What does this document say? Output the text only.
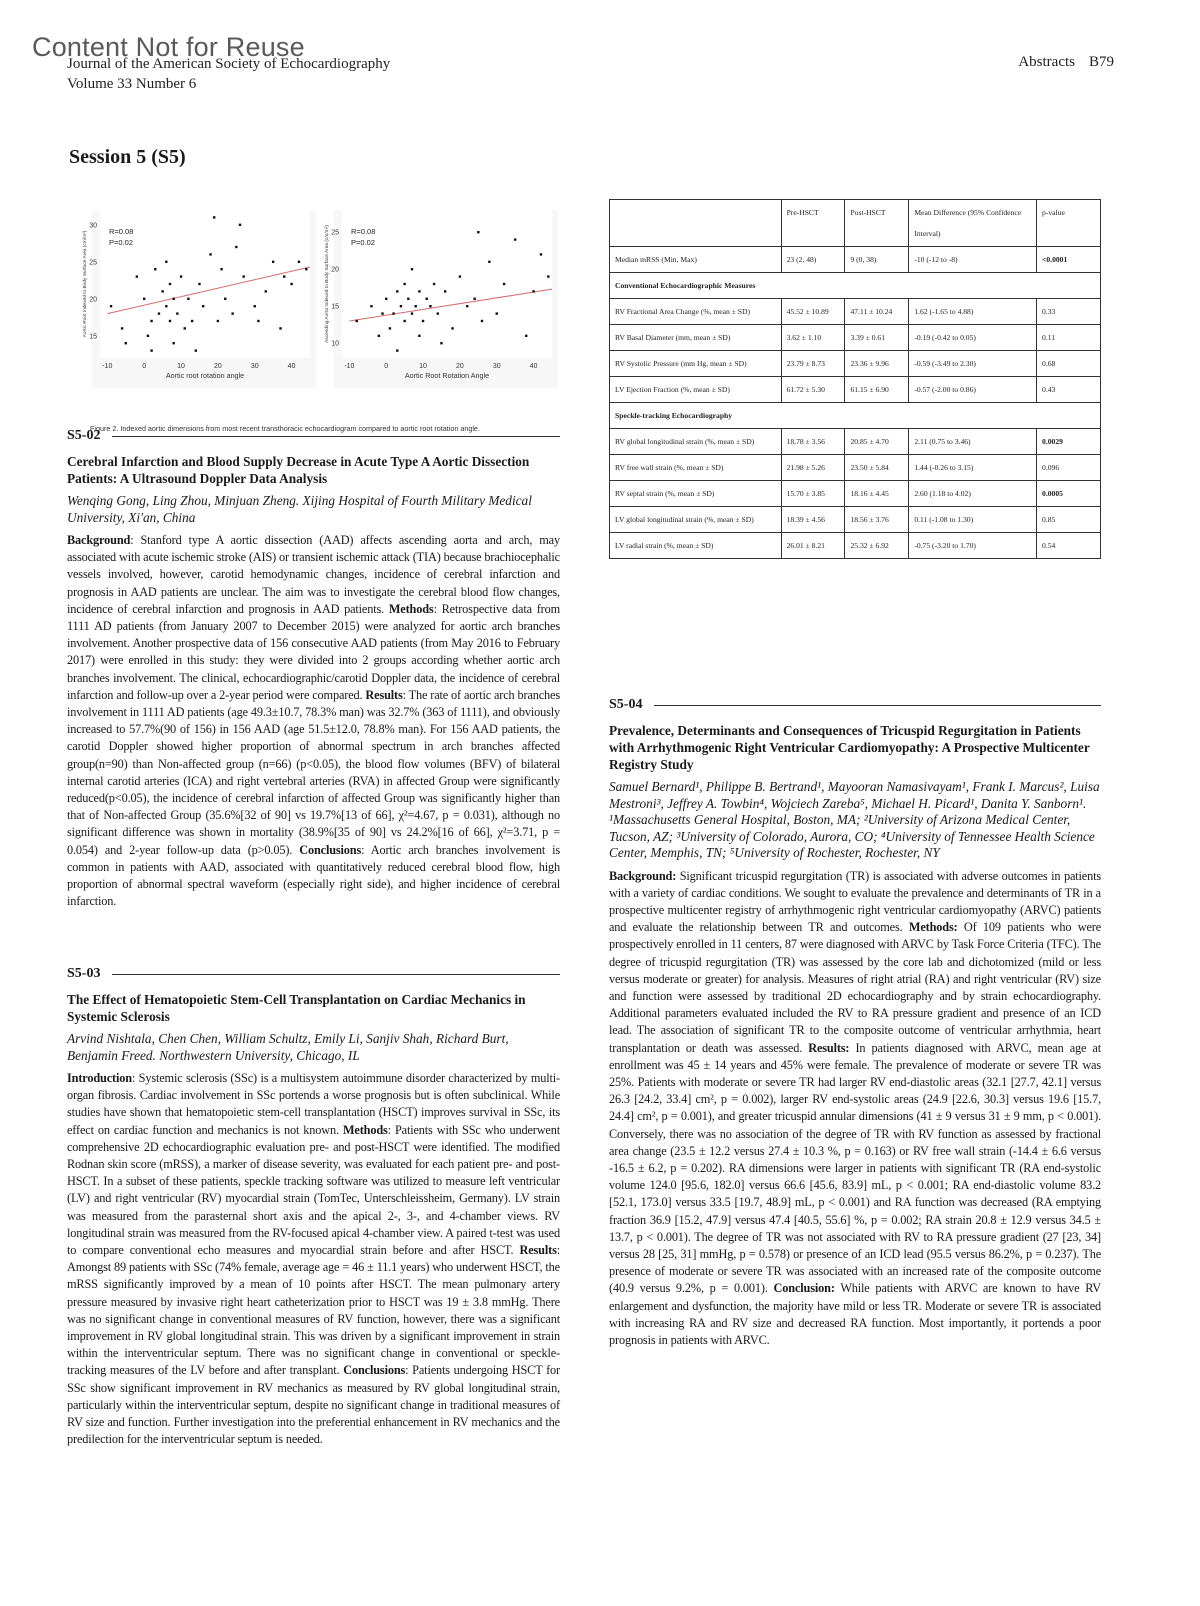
Content Not for Reuse
Journal of the American Society of Echocardiography
Volume 33 Number 6
Abstracts B79
Session 5 (S5)
-10	0	10	20	30	40
15
20
25
30
Aortic root rotation angle
Aortic Root Indexed to Body Surface Area (cm/m²)	R=0.08
P=0.02
-10	0	10	20	30	40
10
15
20
25
Aortic Root Rotation Angle
Ascending Aorta Indexed to Body Surface Area (cm/m²)	R=0.08
P=0.02
Figure 2. Indexed aortic dimensions from most recent transthoracic echocardiogram compared to aortic root rotation angle.
S5-02
Cerebral Infarction and Blood Supply Decrease in Acute Type A Aortic Dissection Patients: A Ultrasound Doppler Data Analysis
Wenqing Gong, Ling Zhou, Minjuan Zheng. Xijing Hospital of Fourth Military Medical University, Xi'an, China
Background: Stanford type A aortic dissection (AAD) affects ascending aorta and arch, may associated with acute ischemic stroke (AIS) or transient ischemic attack (TIA) because brachiocephalic vessels involved, however, carotid hemodynamic changes, incidence of cerebral infarction and prognosis in AAD patients are unclear. The aim was to investigate the cerebral blood flow changes, incidence of cerebral infarction and prognosis in AAD patients. Methods: Retrospective data from 1111 AD patients (from January 2007 to December 2015) were analyzed for aortic arch branches involvement. Another prospective data of 156 consecutive AAD patients (from May 2016 to February 2017) were enrolled in this study: they were divided into 2 groups according whether aortic arch branches involvement. The clinical, echocardiographic/carotid Doppler data, the incidence of cerebral infarction and follow-up over a 2-year period were compared. Results: The rate of aortic arch branches involvement in 1111 AD patients (age 49.3±10.7, 78.3% man) was 32.7% (363 of 1111), and obviously increased to 57.7%(90 of 156) in 156 AAD (age 51.5±12.0, 78.8% man). For 156 AAD patients, the carotid Doppler showed higher proportion of abnormal spectrum in arch branches affected group(n=90) than Non-affected group (n=66) (p<0.05), the blood flow volumes (BFV) of bilateral internal carotid arteries (ICA) and right vertebral arteries (RVA) in affected Group were significantly reduced(p<0.05), the incidence of cerebral infarction of affected Group was significantly higher than that of Non-affected Group (35.6%[32 of 90] vs 19.7%[13 of 66], χ²=4.67, p = 0.031), although no significant difference was shown in mortality (38.9%[35 of 90] vs 24.2%[16 of 66], χ²=3.71, p = 0.054) and 2-year follow-up data (p>0.05). Conclusions: Aortic arch branches involvement is common in patients with AAD, associated with quantitatively reduced cerebral blood flow, high proportion of abnormal spectral waveform (especially right side), and higher incidence of cerebral infarction.
S5-03
The Effect of Hematopoietic Stem-Cell Transplantation on Cardiac Mechanics in Systemic Sclerosis
Arvind Nishtala, Chen Chen, William Schultz, Emily Li, Sanjiv Shah, Richard Burt, Benjamin Freed. Northwestern University, Chicago, IL
Introduction: Systemic sclerosis (SSc) is a multisystem autoimmune disorder characterized by multi-organ fibrosis. Cardiac involvement in SSc portends a worse prognosis but is often subclinical. While studies have shown that hematopoietic stem-cell transplantation (HSCT) improves survival in SSc, its effect on cardiac function and mechanics is not known. Methods: Patients with SSc who underwent comprehensive 2D echocardiographic evaluation pre- and post-HSCT were identified. The modified Rodnan skin score (mRSS), a marker of disease severity, was evaluated for each patient pre- and post-HSCT. In a subset of these patients, speckle tracking software was utilized to measure left ventricular (LV) and right ventricular (RV) myocardial strain (TomTec, Unterschleissheim, Germany). LV strain was measured from the parasternal short axis and the apical 2-, 3-, and 4-chamber views. RV longitudinal strain was measured from the RV-focused apical 4-chamber view. A paired t-test was used to compare conventional echo measures and myocardial strain before and after HSCT. Results: Amongst 89 patients with SSc (74% female, average age = 46 ± 11.1 years) who underwent HSCT, the mRSS significantly improved by a mean of 10 points after HSCT. The mean pulmonary artery pressure measured by invasive right heart catheterization prior to HSCT was 19 ± 3.8 mmHg. There was no significant change in conventional measures of RV function, however, there was a significant improvement in RV global longitudinal strain. This was driven by a significant improvement in strain within the interventricular septum. There was no significant change in conventional or speckle-tracking measures of the LV before and after transplant. Conclusions: Patients undergoing HSCT for SSc show significant improvement in RV mechanics as measured by RV global longitudinal strain, particularly within the interventricular septum, despite no significant change in traditional measures of RV size and function. Further investigation into the preferential enhancement in RV mechanics and the predilection for the interventricular septum is needed.
	Pre-HSCT	Post-HSCT	Mean Difference (95% Confidence Interval)	p-value
Median mRSS (Min, Max)	23 (2, 48)	9 (0, 38)	-10 (-12 to -8)	<0.0001
Conventional Echocardiographic Measures				
RV Fractional Area Change (%, mean ± SD)	45.52 ± 10.89	47.11 ± 10.24	1.62 (-1.65 to 4.88)	0.33
RV Basal Diameter (mm, mean ± SD)	3.62 ± 1.10	3.39 ± 0.61	-0.19 (-0.42 to 0.05)	0.11
RV Systolic Pressure (mm Hg, mean ± SD)	23.79 ± 8.73	23.36 ± 9.96	-0.59 (-3.49 to 2.30)	0.68
LV Ejection Fraction (%, mean ± SD)	61.72 ± 5.30	61.15 ± 6.90	-0.57 (-2.00 to 0.86)	0.43
Speckle-tracking Echocardiography				
RV global longitudinal strain (%, mean ± SD)	18.78 ± 3.56	20.85 ± 4.70	2.11 (0.75 to 3.46)	0.0029
RV free wall strain (%, mean ± SD)	21.98 ± 5.26	23.50 ± 5.84	1.44 (-0.26 to 3.15)	0.096
RV septal strain (%, mean ± SD)	15.70 ± 3.85	18.16 ± 4.45	2.60 (1.18 to 4.02)	0.0005
LV global longitudinal strain (%, mean ± SD)	18.39 ± 4.56	18.56 ± 3.76	0.11 (-1.08 to 1.30)	0.85
LV radial strain (%, mean ± SD)	26.01 ± 8.21	25.32 ± 6.92	-0.75 (-3.20 to 1.70)	0.54
S5-04
Prevalence, Determinants and Consequences of Tricuspid Regurgitation in Patients with Arrhythmogenic Right Ventricular Cardiomyopathy: A Prospective Multicenter Registry Study
Samuel Bernard¹, Philippe B. Bertrand¹, Mayooran Namasivayam¹, Frank I. Marcus², Luisa Mestroni³, Jeffrey A. Towbin⁴, Wojciech Zareba⁵, Michael H. Picard¹, Danita Y. Sanborn¹. ¹Massachusetts General Hospital, Boston, MA; ²University of Arizona Medical Center, Tucson, AZ; ³University of Colorado, Aurora, CO; ⁴University of Tennessee Health Science Center, Memphis, TN; ⁵University of Rochester, Rochester, NY
Background: Significant tricuspid regurgitation (TR) is associated with adverse outcomes in patients with a variety of cardiac conditions. We sought to evaluate the prevalence and determinants of TR in a prospective multicenter registry of arrhythmogenic right ventricular cardiomyopathy (ARVC) patients and evaluate the relationship between TR and outcomes. Methods: Of 109 patients who were prospectively enrolled in 11 centers, 87 were diagnosed with ARVC by Task Force Criteria (TFC). The degree of tricuspid regurgitation (TR) was assessed by the core lab and dichotomized (mild or less versus moderate or greater) for analysis. Measures of right atrial (RA) and right ventricular (RV) size and function were assessed by traditional 2D echocardiography and by strain echocardiography. Additional parameters evaluated included the RV to RA pressure gradient and presence of an ICD lead. The association of significant TR to the composite outcome of ventricular arrhythmia, heart transplantation or death was assessed. Results: In patients diagnosed with ARVC, mean age at enrollment was 45 ± 14 years and 45% were female. The prevalence of moderate or severe TR was 25%. Patients with moderate or severe TR had larger RV end-diastolic areas (32.1 [27.7, 42.1] versus 26.3 [24.2, 33.4] cm², p = 0.002), larger RV end-systolic areas (24.9 [22.6, 30.3] versus 19.6 [15.7, 24.4] cm², p = 0.001), and greater tricuspid annular dimensions (41 ± 9 versus 31 ± 9 mm, p < 0.001). Conversely, there was no association of the degree of TR with RV function as assessed by fractional area change (23.5 ± 12.2 versus 27.4 ± 10.3 %, p = 0.163) or RV free wall strain (-14.4 ± 6.6 versus -16.5 ± 6.2, p = 0.202). RA dimensions were larger in patients with significant TR (RA end-systolic volume 124.0 [95.6, 182.0] versus 66.6 [45.6, 83.9] mL, p < 0.001; RA end-diastolic volume 83.2 [52.1, 173.0] versus 33.5 [19.7, 48.9] mL, p < 0.001) and RA function was decreased (RA emptying fraction 36.9 [15.2, 47.9] versus 47.4 [40.5, 55.6] %, p = 0.002; RA strain 20.8 ± 12.9 versus 34.5 ± 13.7, p < 0.001). The degree of TR was not associated with RV to RA pressure gradient (27 [23, 34] versus 28 [25, 31] mmHg, p = 0.578) or presence of an ICD lead (95.5 versus 86.2%, p = 0.237). The presence of moderate or severe TR was associated with an increased rate of the composite outcome (40.9 versus 9.2%, p = 0.001). Conclusion: While patients with ARVC are known to have RV enlargement and dysfunction, the majority have mild or less TR. Moderate or severe TR is associated with increasing RA and RV size and decreased RA function. Most importantly, it portends a poor prognosis in patients with ARVC.
